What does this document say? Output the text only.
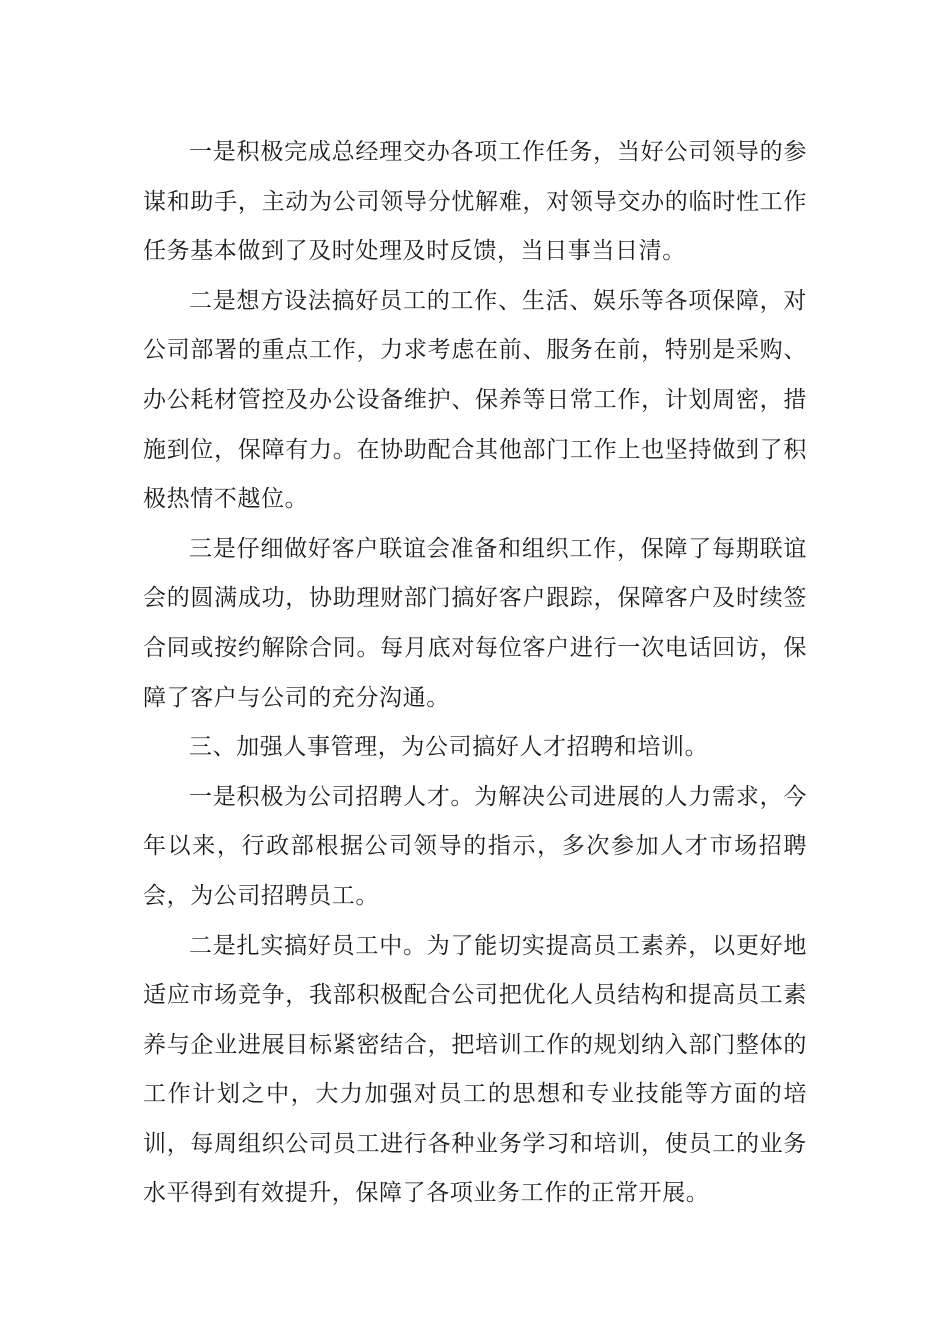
一是积极完成总经理交办各项工作任务，当好公司领导的参谋和助手，主动为公司领导分忧解难，对领导交办的临时性工作任务基本做到了及时处理及时反馈，当日事当日清。

二是想方设法搞好员工的工作、生活、娱乐等各项保障，对公司部署的重点工作，力求考虑在前、服务在前，特别是采购、办公耗材管控及办公设备维护、保养等日常工作，计划周密，措施到位，保障有力。在协助配合其他部门工作上也坚持做到了积极热情不越位。

三是仔细做好客户联谊会准备和组织工作，保障了每期联谊会的圆满成功，协助理财部门搞好客户跟踪，保障客户及时续签合同或按约解除合同。每月底对每位客户进行一次电话回访，保障了客户与公司的充分沟通。

三、加强人事管理，为公司搞好人才招聘和培训。

一是积极为公司招聘人才。为解决公司进展的人力需求，今年以来，行政部根据公司领导的指示，多次参加人才市场招聘会，为公司招聘员工。

二是扎实搞好员工中。为了能切实提高员工素养，以更好地适应市场竞争，我部积极配合公司把优化人员结构和提高员工素养与企业进展目标紧密结合，把培训工作的规划纳入部门整体的工作计划之中，大力加强对员工的思想和专业技能等方面的培训，每周组织公司员工进行各种业务学习和培训，使员工的业务水平得到有效提升，保障了各项业务工作的正常开展。
